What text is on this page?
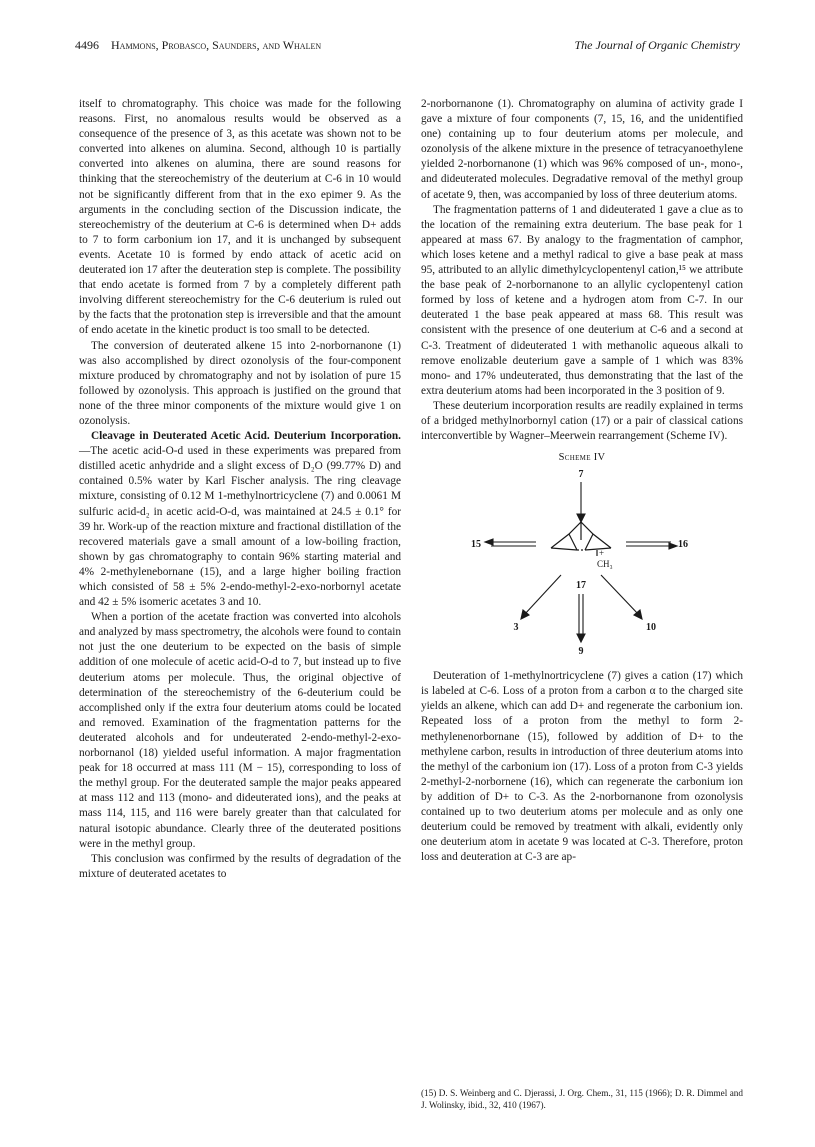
4496 Hammons, Probasco, Saunders, and Whalen	The Journal of Organic Chemistry

itself to chromatography. This choice was made for the following reasons. First, no anomalous results would be observed as a consequence of the presence of 3, as this acetate was shown not to be converted into alkenes on alumina. Second, although 10 is partially converted into alkenes on alumina, there are sound reasons for thinking that the stereochemistry of the deuterium at C-6 in 10 would not be significantly different from that in the exo epimer 9. As the arguments in the concluding section of the Discussion indicate, the stereochemistry of the deuterium at C-6 is determined when D+ adds to 7 to form carbonium ion 17, and it is unchanged by subsequent events. Acetate 10 is formed by endo attack of acetic acid on deuterated ion 17 after the deuteration step is complete. The possibility that endo acetate is formed from 7 by a completely different path involving different stereochemistry for the C-6 deuterium is ruled out by the facts that the protonation step is irreversible and that the amount of endo acetate in the kinetic product is too small to be detected.

The conversion of deuterated alkene 15 into 2-norbornanone (1) was also accomplished by direct ozonolysis of the four-component mixture produced by chromatography and not by isolation of pure 15 followed by ozonolysis. This approach is justified on the ground that none of the three minor components of the mixture would give 1 on ozonolysis.

Cleavage in Deuterated Acetic Acid. Deuterium Incorporation.—The acetic acid-O-d used in these experiments was prepared from distilled acetic anhydride and a slight excess of D₂O (99.77% D) and contained 0.5% water by Karl Fischer analysis. The ring cleavage mixture, consisting of 0.12 M 1-methylnortricyclene (7) and 0.0061 M sulfuric acid-d₂ in acetic acid-O-d, was maintained at 24.5 ± 0.1° for 39 hr. Work-up of the reaction mixture and fractional distillation of the recovered materials gave a small amount of a low-boiling fraction, shown by gas chromatography to contain 96% starting material and 4% 2-methylenebornane (15), and a large higher boiling fraction which consisted of 58 ± 5% 2-endo-methyl-2-exo-norbornyl acetate and 42 ± 5% isomeric acetates 3 and 10.

When a portion of the acetate fraction was converted into alcohols and analyzed by mass spectrometry, the alcohols were found to contain not just the one deuterium to be expected on the basis of simple addition of one molecule of acetic acid-O-d to 7, but instead up to five deuterium atoms per molecule. Thus, the original objective of determination of the stereochemistry of the 6-deuterium could be accomplished only if the extra four deuterium atoms could be located and removed. Examination of the fragmentation patterns for the deuterated alcohols and for undeuterated 2-endo-methyl-2-exo-norbornanol (18) yielded useful information. A major fragmentation peak for 18 occurred at mass 111 (M − 15), corresponding to loss of the methyl group. For the deuterated sample the major peaks appeared at mass 112 and 113 (mono- and dideuterated ions), and the peaks at mass 114, 115, and 116 were barely greater than that calculated for natural isotopic abundance. Clearly three of the deuterated positions were in the methyl group.

This conclusion was confirmed by the results of degradation of the mixture of deuterated acetates to

2-norbornanone (1). Chromatography on alumina of activity grade I gave a mixture of four components (7, 15, 16, and the unidentified one) containing up to four deuterium atoms per molecule, and ozonolysis of the alkene mixture in the presence of tetracyanoethylene yielded 2-norbornanone (1) which was 96% composed of un-, mono-, and dideuterated molecules. Degradative removal of the methyl group of acetate 9, then, was accompanied by loss of three deuterium atoms.

The fragmentation patterns of 1 and dideuterated 1 gave a clue as to the location of the remaining extra deuterium. The base peak for 1 appeared at mass 67. By analogy to the fragmentation of camphor, which loses ketene and a methyl radical to give a base peak at mass 95, attributed to an allylic dimethylcyclopentenyl cation,¹⁵ we attribute the base peak of 2-norbornanone to an allylic cyclopentenyl cation formed by loss of ketene and a hydrogen atom from C-7. In our deuterated 1 the base peak appeared at mass 68. This result was consistent with the presence of one deuterium at C-6 and a second at C-3. Treatment of dideuterated 1 with methanolic aqueous alkali to remove enolizable deuterium gave a sample of 1 which was 83% mono- and 17% undeuterated, thus demonstrating that the last of the extra deuterium atoms had been incorporated in the 3 position of 9.

These deuterium incorporation results are readily explained in terms of a bridged methylnorbornyl cation (17) or a pair of classical cations interconvertible by Wagner–Meerwein rearrangement (Scheme IV).

Scheme IV
7
15	16
17
9
3	10
+
CH₃

Deuteration of 1-methylnortricyclene (7) gives a cation (17) which is labeled at C-6. Loss of a proton from a carbon α to the charged site yields an alkene, which can add D+ and regenerate the carbonium ion. Repeated loss of a proton from the methyl to form 2-methylenenorbornane (15), followed by addition of D+ to the methylene carbon, results in introduction of three deuterium atoms into the methyl of the carbonium ion (17). Loss of a proton from C-3 yields 2-methyl-2-norbornene (16), which can regenerate the carbonium ion by addition of D+ to C-3. As the 2-norbornanone from ozonolysis contained up to two deuterium atoms per molecule and as only one deuterium could be removed by treatment with alkali, evidently only one deuterium atom in acetate 9 was located at C-3. Therefore, proton loss and deuteration at C-3 are ap-

(15) D. S. Weinberg and C. Djerassi, J. Org. Chem., 31, 115 (1966); D. R. Dimmel and J. Wolinsky, ibid., 32, 410 (1967).
